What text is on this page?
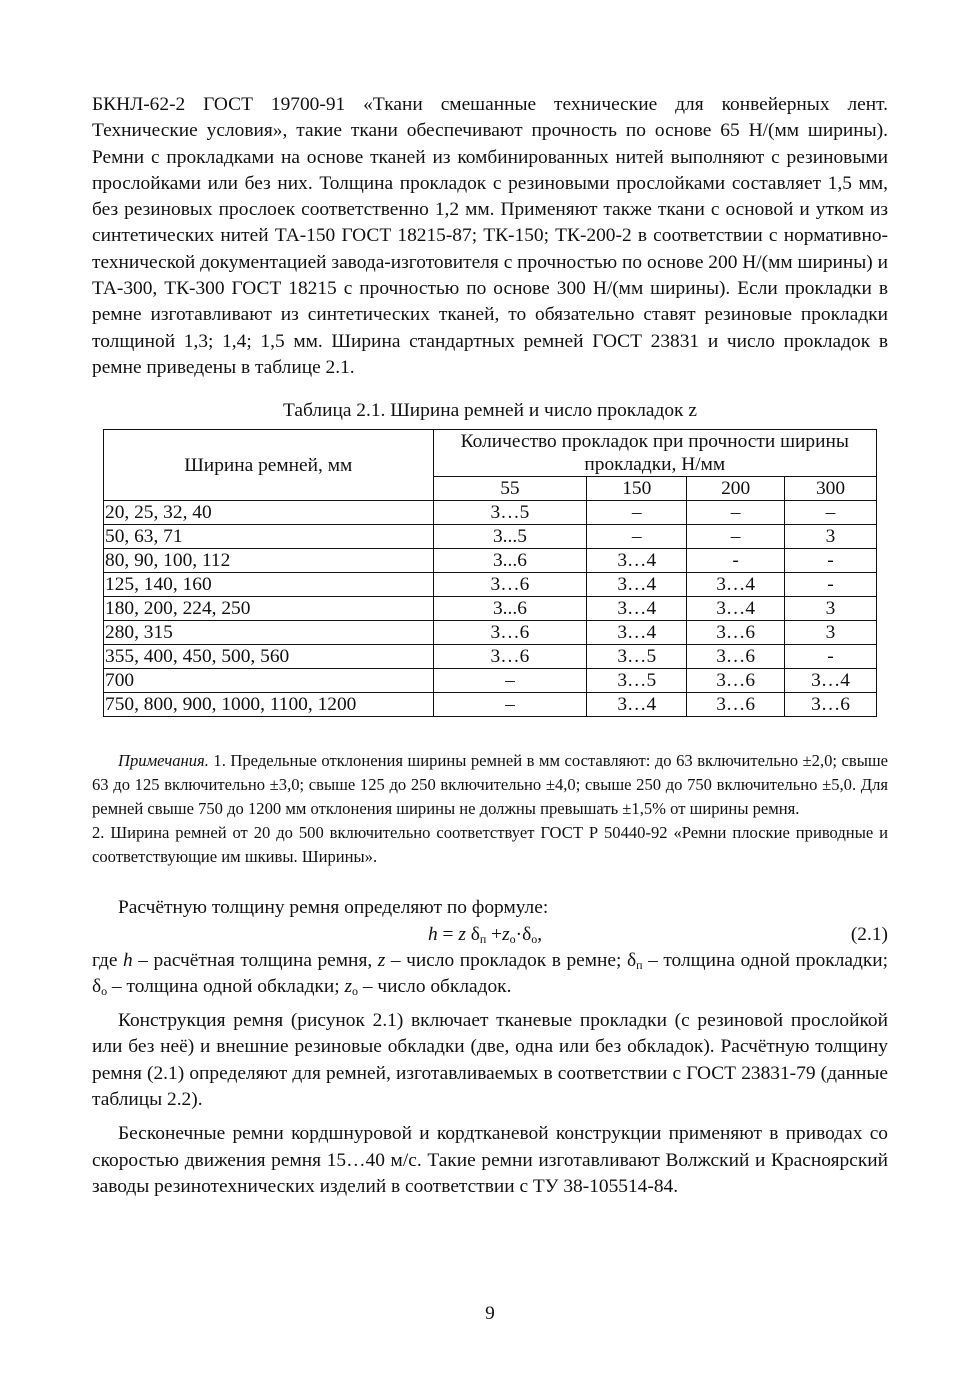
БКНЛ-62-2 ГОСТ 19700-91 «Ткани смешанные технические для конвейерных лент. Технические условия», такие ткани обеспечивают прочность по основе 65 Н/(мм ширины). Ремни с прокладками на основе тканей из комбинированных нитей выполняют с резиновыми прослойками или без них. Толщина прокладок с резиновыми прослойками составляет 1,5 мм, без резиновых прослоек соответственно 1,2 мм. Применяют также ткани с основой и утком из синтетических нитей ТА-150 ГОСТ 18215-87; ТК-150; ТК-200-2 в соответствии с нормативно-технической документацией завода-изготовителя с прочностью по основе 200 Н/(мм ширины) и ТА-300, ТК-300 ГОСТ 18215 с прочностью по основе 300 Н/(мм ширины). Если прокладки в ремне изготавливают из синтетических тканей, то обязательно ставят резиновые прокладки толщиной 1,3; 1,4; 1,5 мм. Ширина стандартных ремней ГОСТ 23831 и число прокладок в ремне приведены в таблице 2.1.

Таблица 2.1. Ширина ремней и число прокладок z
Ширина ремней, мм	Количество прокладок при прочности ширины прокладки, Н/мм			
	55	150	200	300
20, 25, 32, 40	3…5	–	–	–
50, 63, 71	3...5	–	–	3
80, 90, 100, 112	3...6	3…4	-	-
125, 140, 160	3…6	3…4	3…4	-
180, 200, 224, 250	3...6	3…4	3…4	3
280, 315	3…6	3…4	3…6	3
355, 400, 450, 500, 560	3…6	3…5	3…6	-
700	–	3…5	3…6	3…4
750, 800, 900, 1000, 1100, 1200	–	3…4	3…6	3…6

Примечания. 1. Предельные отклонения ширины ремней в мм составляют: до 63 включительно ±2,0; свыше 63 до 125 включительно ±3,0; свыше 125 до 250 включительно ±4,0; свыше 250 до 750 включительно ±5,0. Для ремней свыше 750 до 1200 мм отклонения ширины не должны превышать ±1,5% от ширины ремня.

2. Ширина ремней от 20 до 500 включительно соответствует ГОСТ Р 50440-92 «Ремни плоские приводные и соответствующие им шкивы. Ширины».

Расчётную толщину ремня определяют по формуле:

h = z $\delta_п +z_о\cdot\delta_о$,	(2.1)

где h – расчётная толщина ремня, z – число прокладок в ремне; $\delta_п$ – толщина одной прокладки; $\delta_о$ – толщина одной обкладки; $z_о$ – число обкладок.

Конструкция ремня (рисунок 2.1) включает тканевые прокладки (с резиновой прослойкой или без неё) и внешние резиновые обкладки (две, одна или без обкладок). Расчётную толщину ремня (2.1) определяют для ремней, изготавливаемых в соответствии с ГОСТ 23831-79 (данные таблицы 2.2).

Бесконечные ремни кордшнуровой и кордтканевой конструкции применяют в приводах со скоростью движения ремня 15…40 м/с. Такие ремни изготавливают Волжский и Красноярский заводы резинотехнических изделий в соответствии с ТУ 38-105514-84.

9
